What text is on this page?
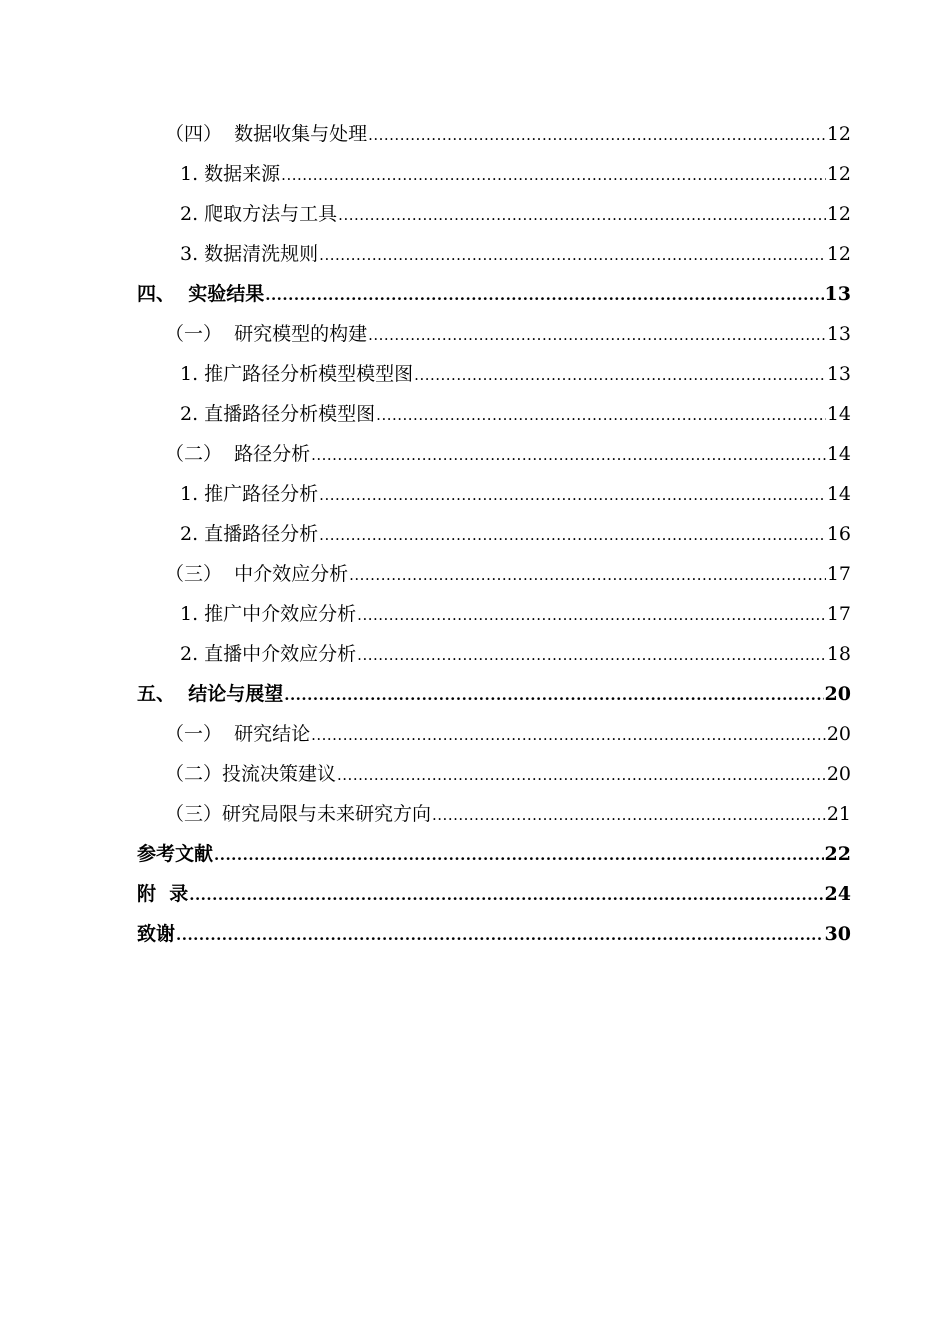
（四）  数据收集与处理 .....	12
1. 数据来源 .....	12
2. 爬取方法与工具 .....	12
3. 数据清洗规则 .....	12
四、  实验结果 .....	13
（一）  研究模型的构建 .....	13
1. 推广路径分析模型模型图 .....	13
2. 直播路径分析模型图 .....	14
（二）  路径分析 .....	14
1. 推广路径分析 .....	14
2. 直播路径分析 .....	16
（三）  中介效应分析 .....	17
1. 推广中介效应分析 .....	17
2. 直播中介效应分析 .....	18
五、  结论与展望 .....	20
（一）  研究结论 .....	20
（二）投流决策建议 .....	20
（三）研究局限与未来研究方向 .....	21
参考文献 .....	22
附  录 .....	24
致谢 .....	30
